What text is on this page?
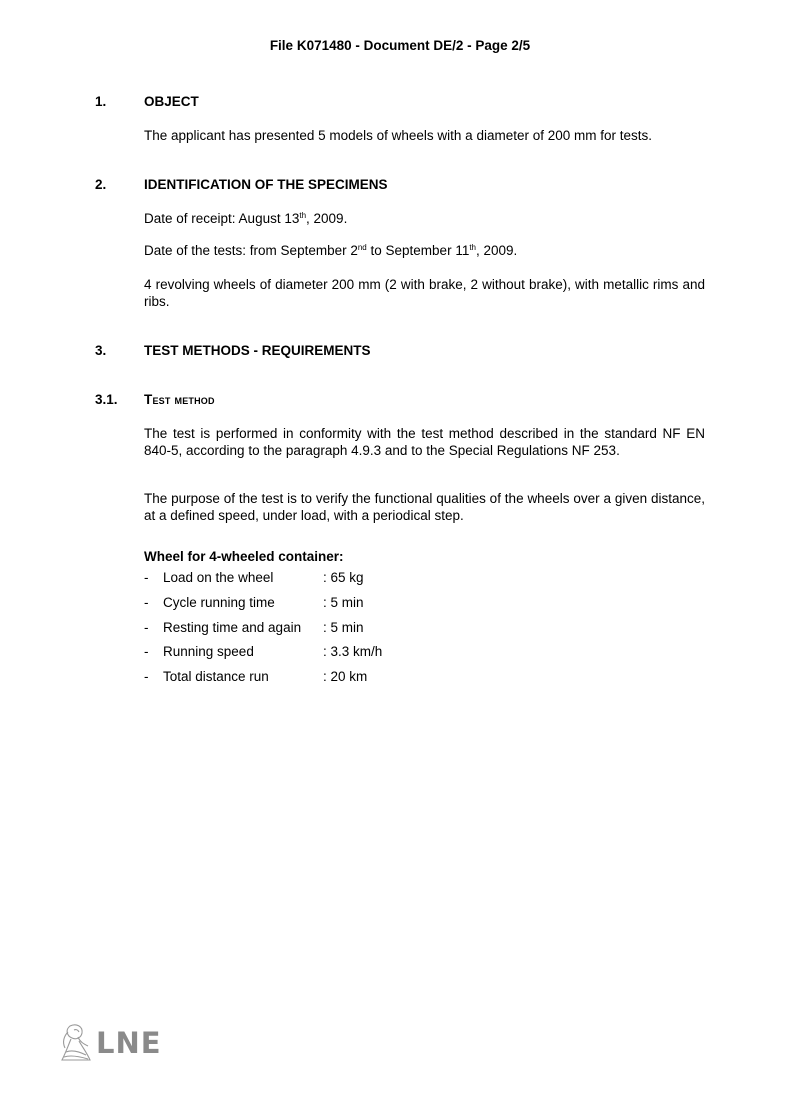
File K071480 - Document DE/2 - Page 2/5
1.	OBJECT
The applicant has presented 5 models of wheels with a diameter of 200 mm for tests.
2.	IDENTIFICATION OF THE SPECIMENS
Date of receipt: August 13th, 2009.
Date of the tests: from September 2nd to September 11th, 2009.
4 revolving wheels of diameter 200 mm (2 with brake, 2 without brake), with metallic rims and ribs.
3.	TEST METHODS - REQUIREMENTS
3.1. Test method
The test is performed in conformity with the test method described in the standard NF EN 840-5, according to the paragraph 4.9.3 and to the Special Regulations NF 253.
The purpose of the test is to verify the functional qualities of the wheels over a given distance, at a defined speed, under load, with a periodical step.
Wheel for 4-wheeled container:
- Load on the wheel	: 65 kg
- Cycle running time	: 5 min
- Resting time and again : 5 min
- Running speed	: 3.3 km/h
- Total distance run	: 20 km
LNE
